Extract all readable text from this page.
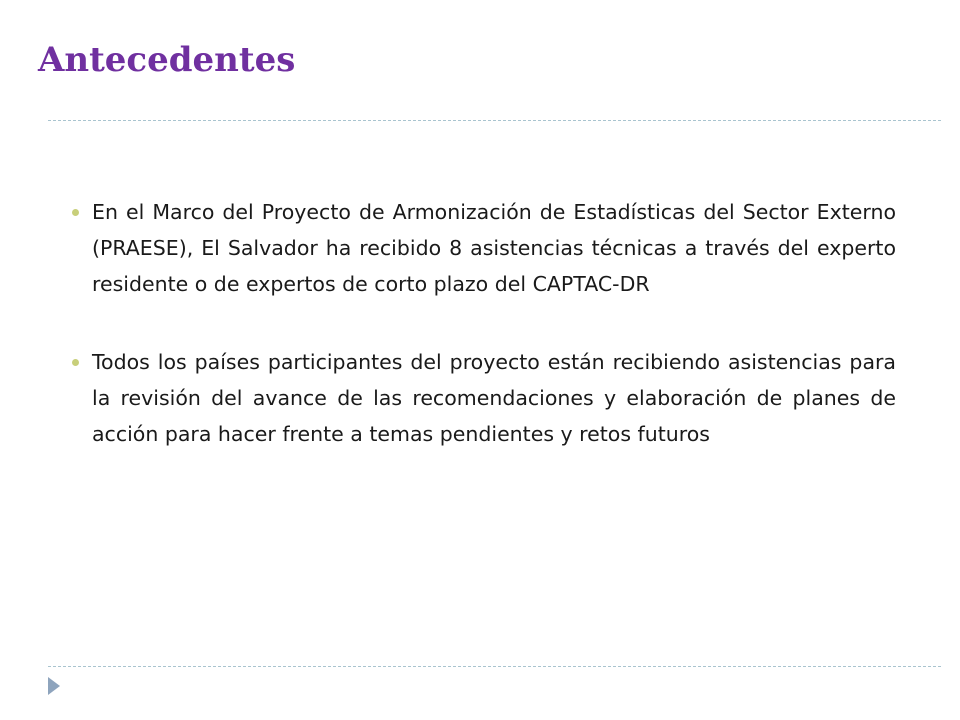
Antecedentes
En el Marco del Proyecto de Armonización de Estadísticas del Sector Externo (PRAESE), El Salvador ha recibido 8 asistencias técnicas a través del experto residente o de expertos de corto plazo del CAPTAC-DR
Todos los países participantes del proyecto están recibiendo asistencias para la revisión del avance de las recomendaciones y elaboración de planes de acción para hacer frente a temas pendientes y retos futuros
